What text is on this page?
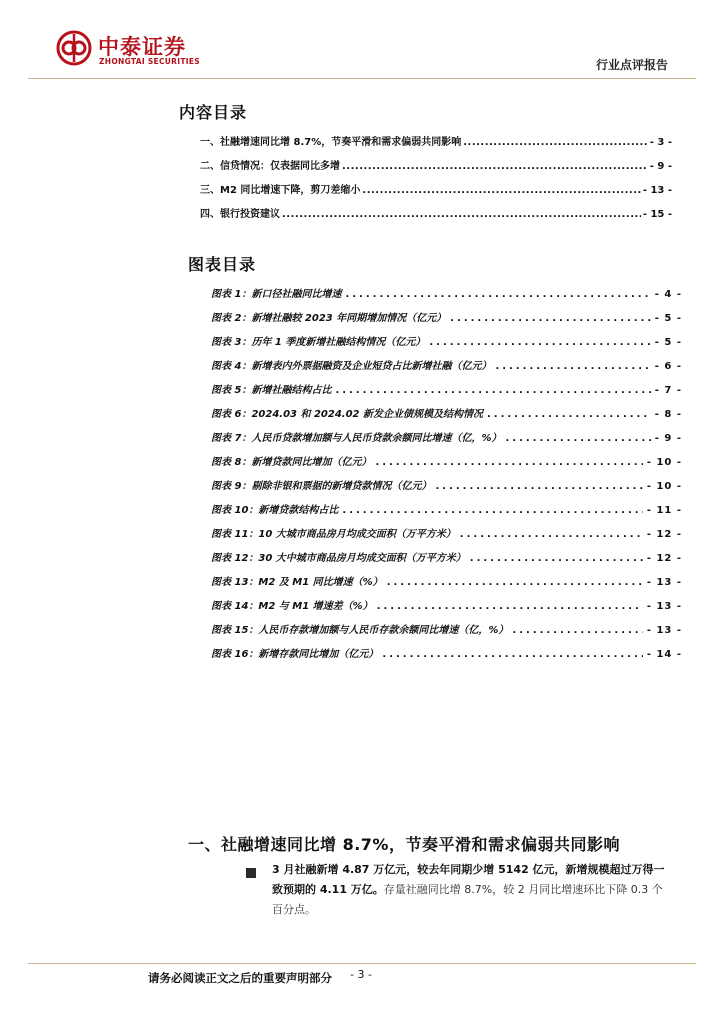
中泰证券
ZHONGTAI SECURITIES	行业点评报告
内容目录
一、社融增速同比增 8.7%，节奏平滑和需求偏弱共同影响 .....	- 3 -
二、信贷情况：仅表据同比多增 .....	- 9 -
三、M2 同比增速下降，剪刀差缩小 .....	- 13 -
四、银行投资建议 .....	- 15 -
图表目录
图表 1：新口径社融同比增速 .....	- 4 -
图表 2：新增社融较 2023 年同期增加情况（亿元） .....	- 5 -
图表 3：历年 1 季度新增社融结构情况（亿元） .....	- 5 -
图表 4：新增表内外票据融资及企业短贷占比新增社融（亿元） .....	- 6 -
图表 5：新增社融结构占比 .....	- 7 -
图表 6：2024.03 和 2024.02 新发企业债规模及结构情况 .....	- 8 -
图表 7：人民币贷款增加额与人民币贷款余额同比增速（亿，%） .....	- 9 -
图表 8：新增贷款同比增加（亿元） .....	- 10 -
图表 9：剔除非银和票据的新增贷款情况（亿元） .....	- 10 -
图表 10：新增贷款结构占比 .....	- 11 -
图表 11：10 大城市商品房月均成交面积（万平方米） .....	- 12 -
图表 12：30 大中城市商品房月均成交面积（万平方米） .....	- 12 -
图表 13：M2 及 M1 同比增速（%） .....	- 13 -
图表 14：M2 与 M1 增速差（%） .....	- 13 -
图表 15：人民币存款增加额与人民币存款余额同比增速（亿，%） .....	- 13 -
图表 16：新增存款同比增加（亿元） .....	- 14 -
一、社融增速同比增 8.7%，节奏平滑和需求偏弱共同影响
3 月社融新增 4.87 万亿元，较去年同期少增 5142 亿元，新增规模超过万得一致预期的 4.11 万亿。存量社融同比增 8.7%，较 2 月同比增速环比下降 0.3 个百分点。
请务必阅读正文之后的重要声明部分 - 3 -
